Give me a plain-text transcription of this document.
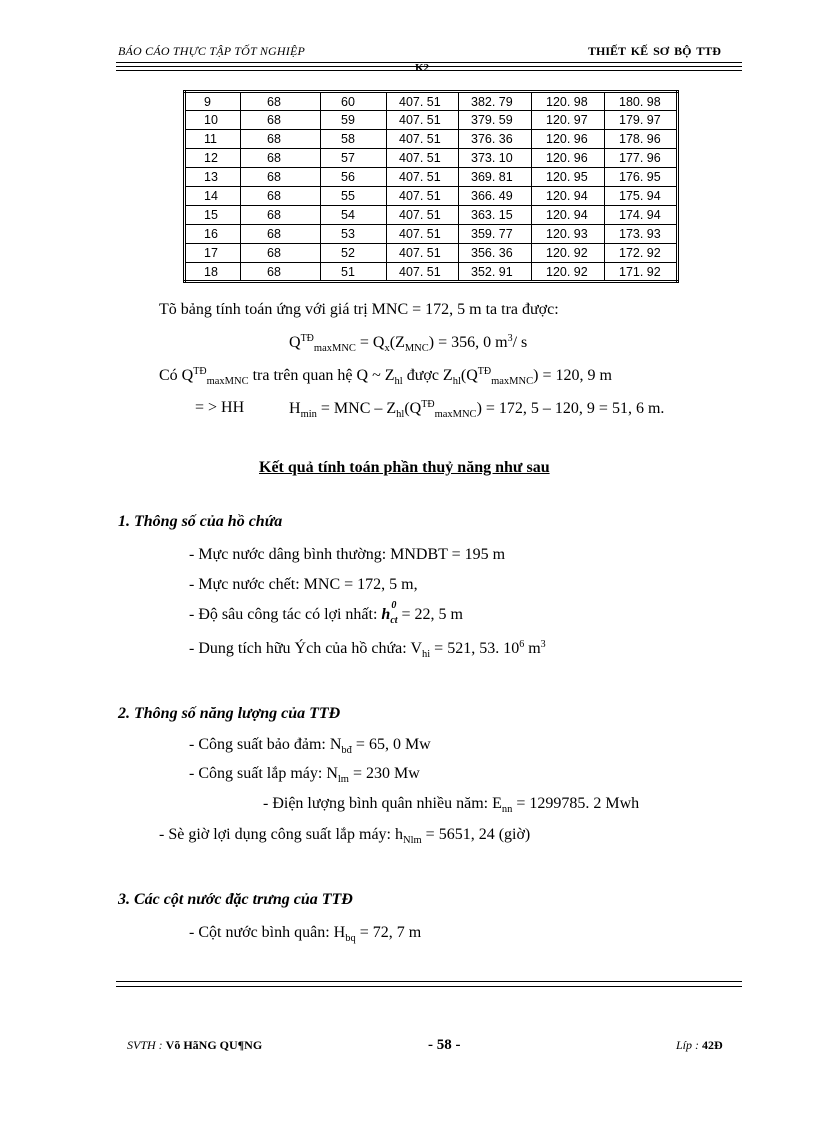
BÁO CÁO THỰC TẬP TỐT NGHIỆP	THIẾT KẾ SƠ BỘ TTĐ
K2
9	68	60	407. 51	382. 79	120. 98	180. 98
10	68	59	407. 51	379. 59	120. 97	179. 97
11	68	58	407. 51	376. 36	120. 96	178. 96
12	68	57	407. 51	373. 10	120. 96	177. 96
13	68	56	407. 51	369. 81	120. 95	176. 95
14	68	55	407. 51	366. 49	120. 94	175. 94
15	68	54	407. 51	363. 15	120. 94	174. 94
16	68	53	407. 51	359. 77	120. 93	173. 93
17	68	52	407. 51	356. 36	120. 92	172. 92
18	68	51	407. 51	352. 91	120. 92	171. 92
Tõ bảng tính toán ứng với giá trị MNC = 172, 5 m ta tra được:
$Q^{TĐ}_{maxMNC} = Q_x(Z_{MNC}) = 356$, 0 $m^3/$ s
Có $Q^{TĐ}_{maxMNC}$ tra trên quan hệ Q ~ $Z_{hl}$ được $Z_{hl}(Q^{TĐ}_{maxMNC}) = 120$, 9 m
= > HH	$H_{min}$ = MNC – $Z_{hl}(Q^{TĐ}_{maxMNC}) = 172$, 5 – 120, 9 = 51, 6 m.
Kết quả tính toán phần thuỷ năng như sau
1. Thông số của hồ chứa
- Mực nước dâng bình thường: MNDBT = 195 m
- Mực nước chết: MNC = 172, 5 m,
- Độ sâu công tác có lợi nhất: h
0
$_{ct}$ = 22, 5 m
- Dung tích hữu Ých của hồ chứa: $V_{hi} = 521$, 53. $10^6$ $m^3$
2. Thông số năng lượng của TTĐ
- Công suất bảo đảm: $N_{bđ} = 65$, 0 Mw
- Công suất lắp máy: $N_{lm} = 230$ Mw
- Điện lượng bình quân nhiều năm: $E_{nn} = 1299785$. 2 Mwh
- Sè giờ lợi dụng công suất lắp máy: $h_{Nlm} = 5651$, 24 (giờ)
3. Các cột nước đặc trưng của TTĐ
- Cột nước bình quân: $H_{bq} = 72$, 7 m
SVTH : Võ HãNG QU¶NG	- 58 -	Líp : 42Đ
